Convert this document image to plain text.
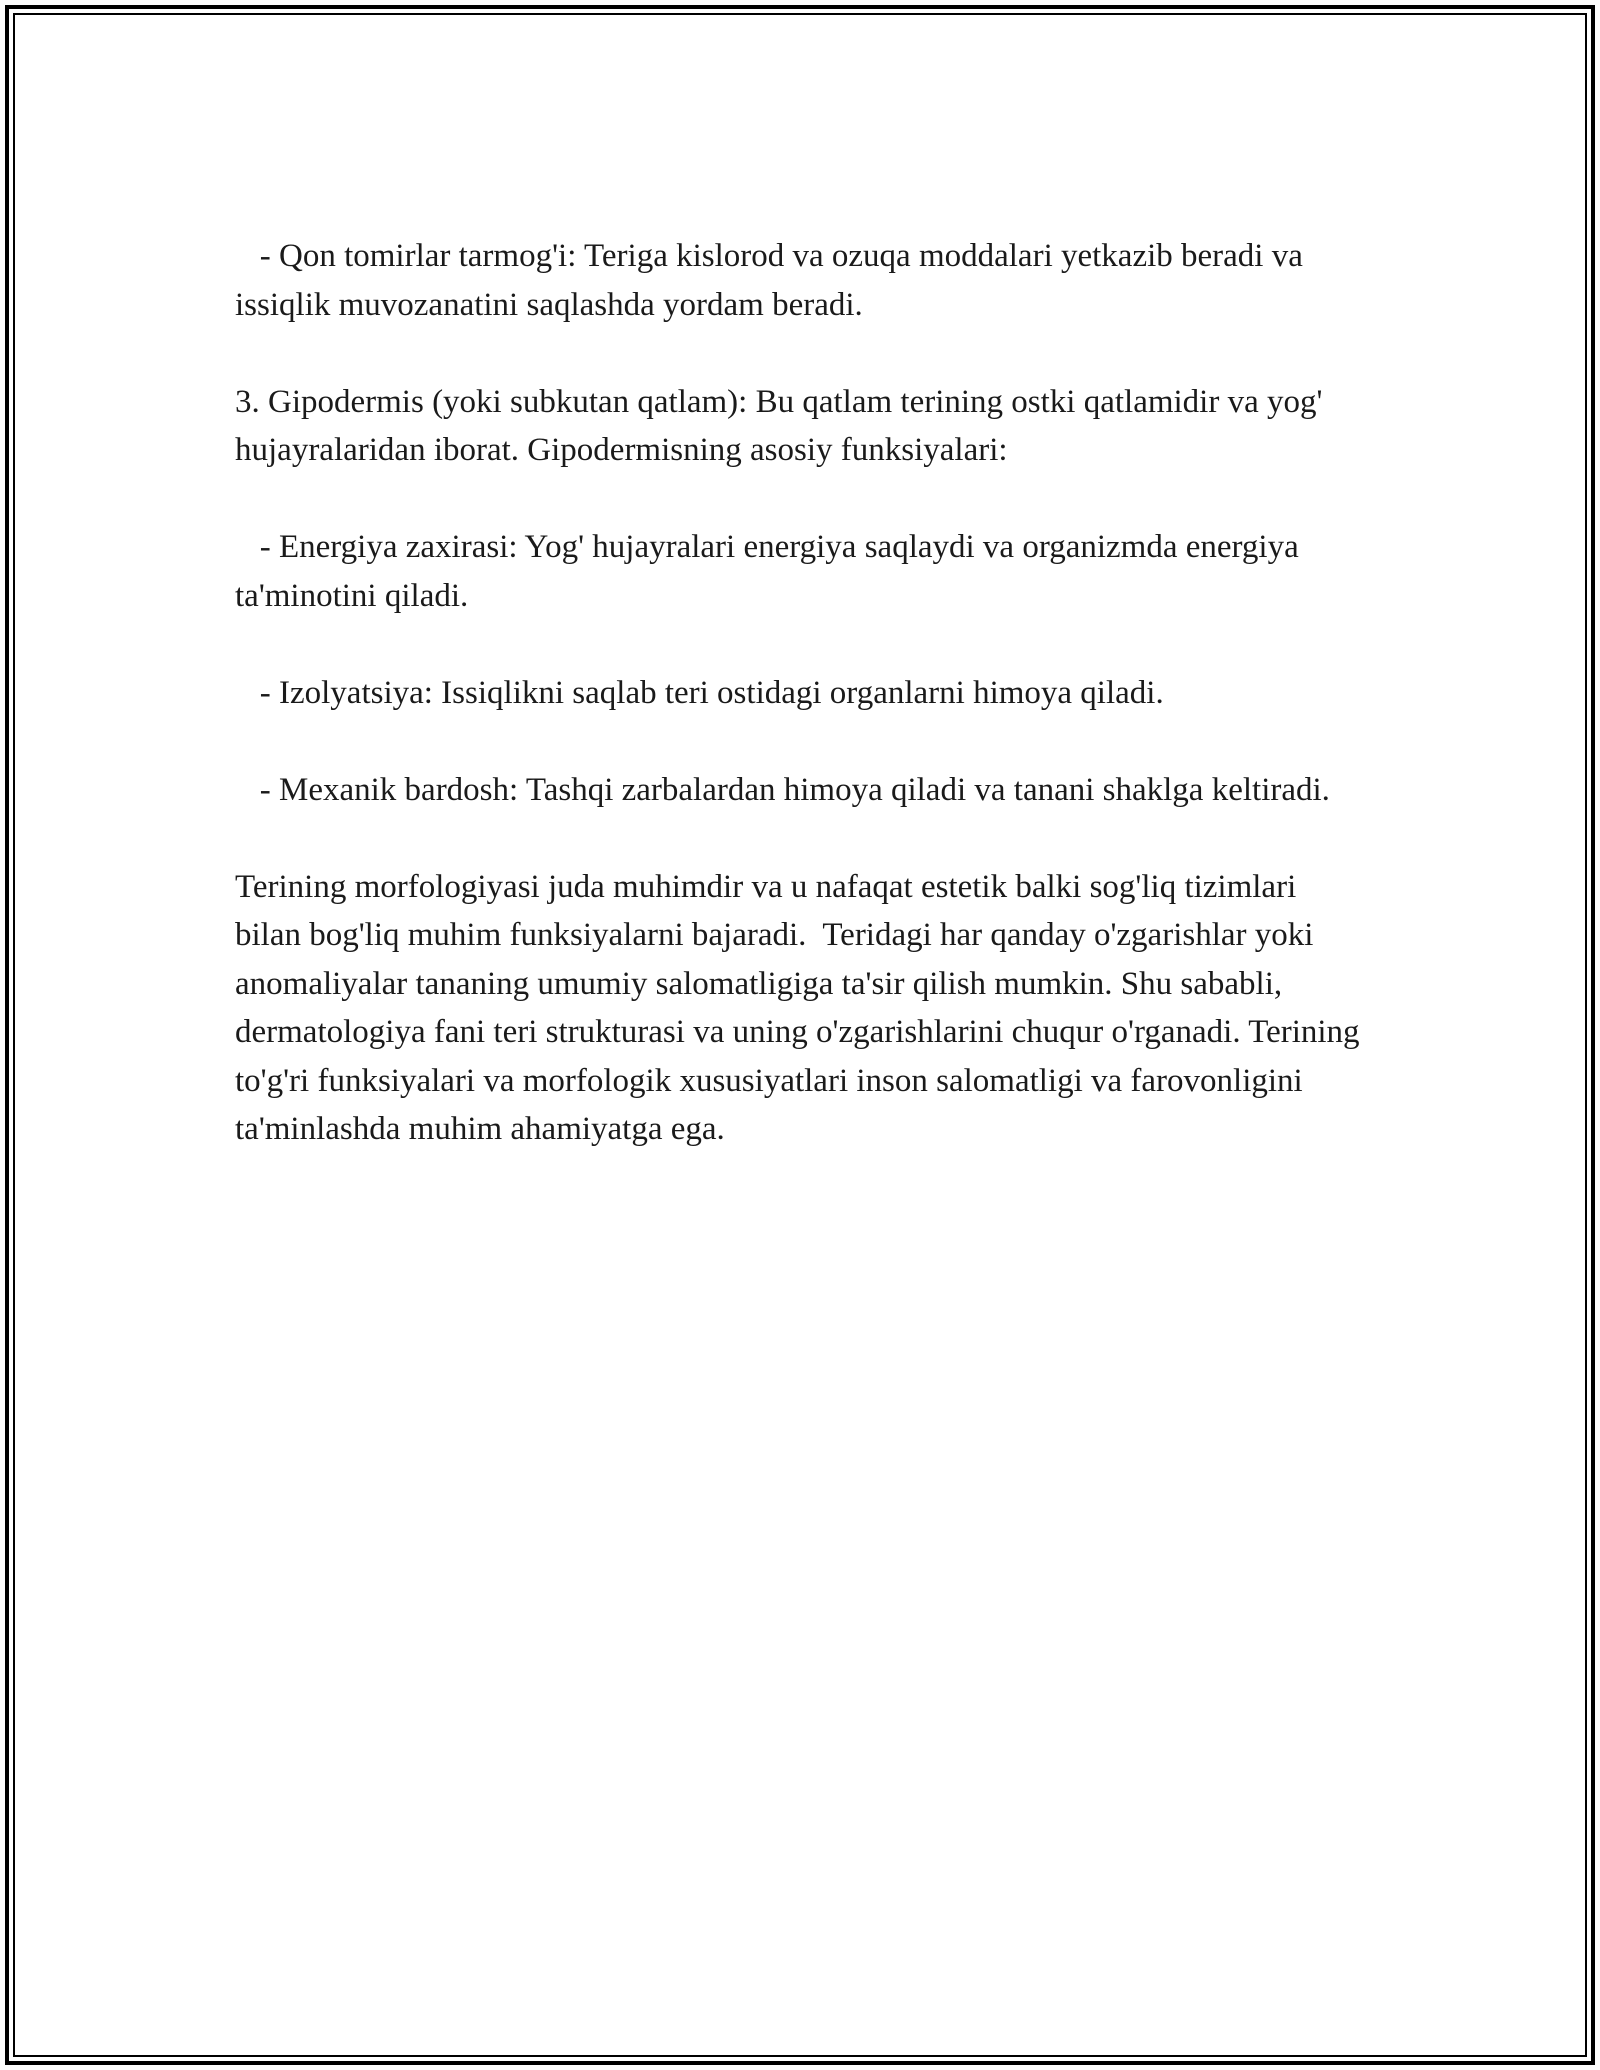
- Qon tomirlar tarmog'i: Teriga kislorod va ozuqa moddalari yetkazib beradi va issiqlik muvozanatini saqlashda yordam beradi.

3. Gipodermis (yoki subkutan qatlam): Bu qatlam terining ostki qatlamidir va yog' hujayralaridan iborat. Gipodermisning asosiy funksiyalari:

- Energiya zaxirasi: Yog' hujayralari energiya saqlaydi va organizmda energiya ta'minotini qiladi.

- Izolyatsiya: Issiqlikni saqlab teri ostidagi organlarni himoya qiladi.

- Mexanik bardosh: Tashqi zarbalardan himoya qiladi va tanani shaklga keltiradi.

Terining morfologiyasi juda muhimdir va u nafaqat estetik balki sog'liq tizimlari bilan bog'liq muhim funksiyalarni bajaradi.  Teridagi har qanday o'zgarishlar yoki anomaliyalar tananing umumiy salomatligiga ta'sir qilish mumkin. Shu sababli, dermatologiya fani teri strukturasi va uning o'zgarishlarini chuqur o'rganadi. Terining to'g'ri funksiyalari va morfologik xususiyatlari inson salomatligi va farovonligini ta'minlashda muhim ahamiyatga ega.
